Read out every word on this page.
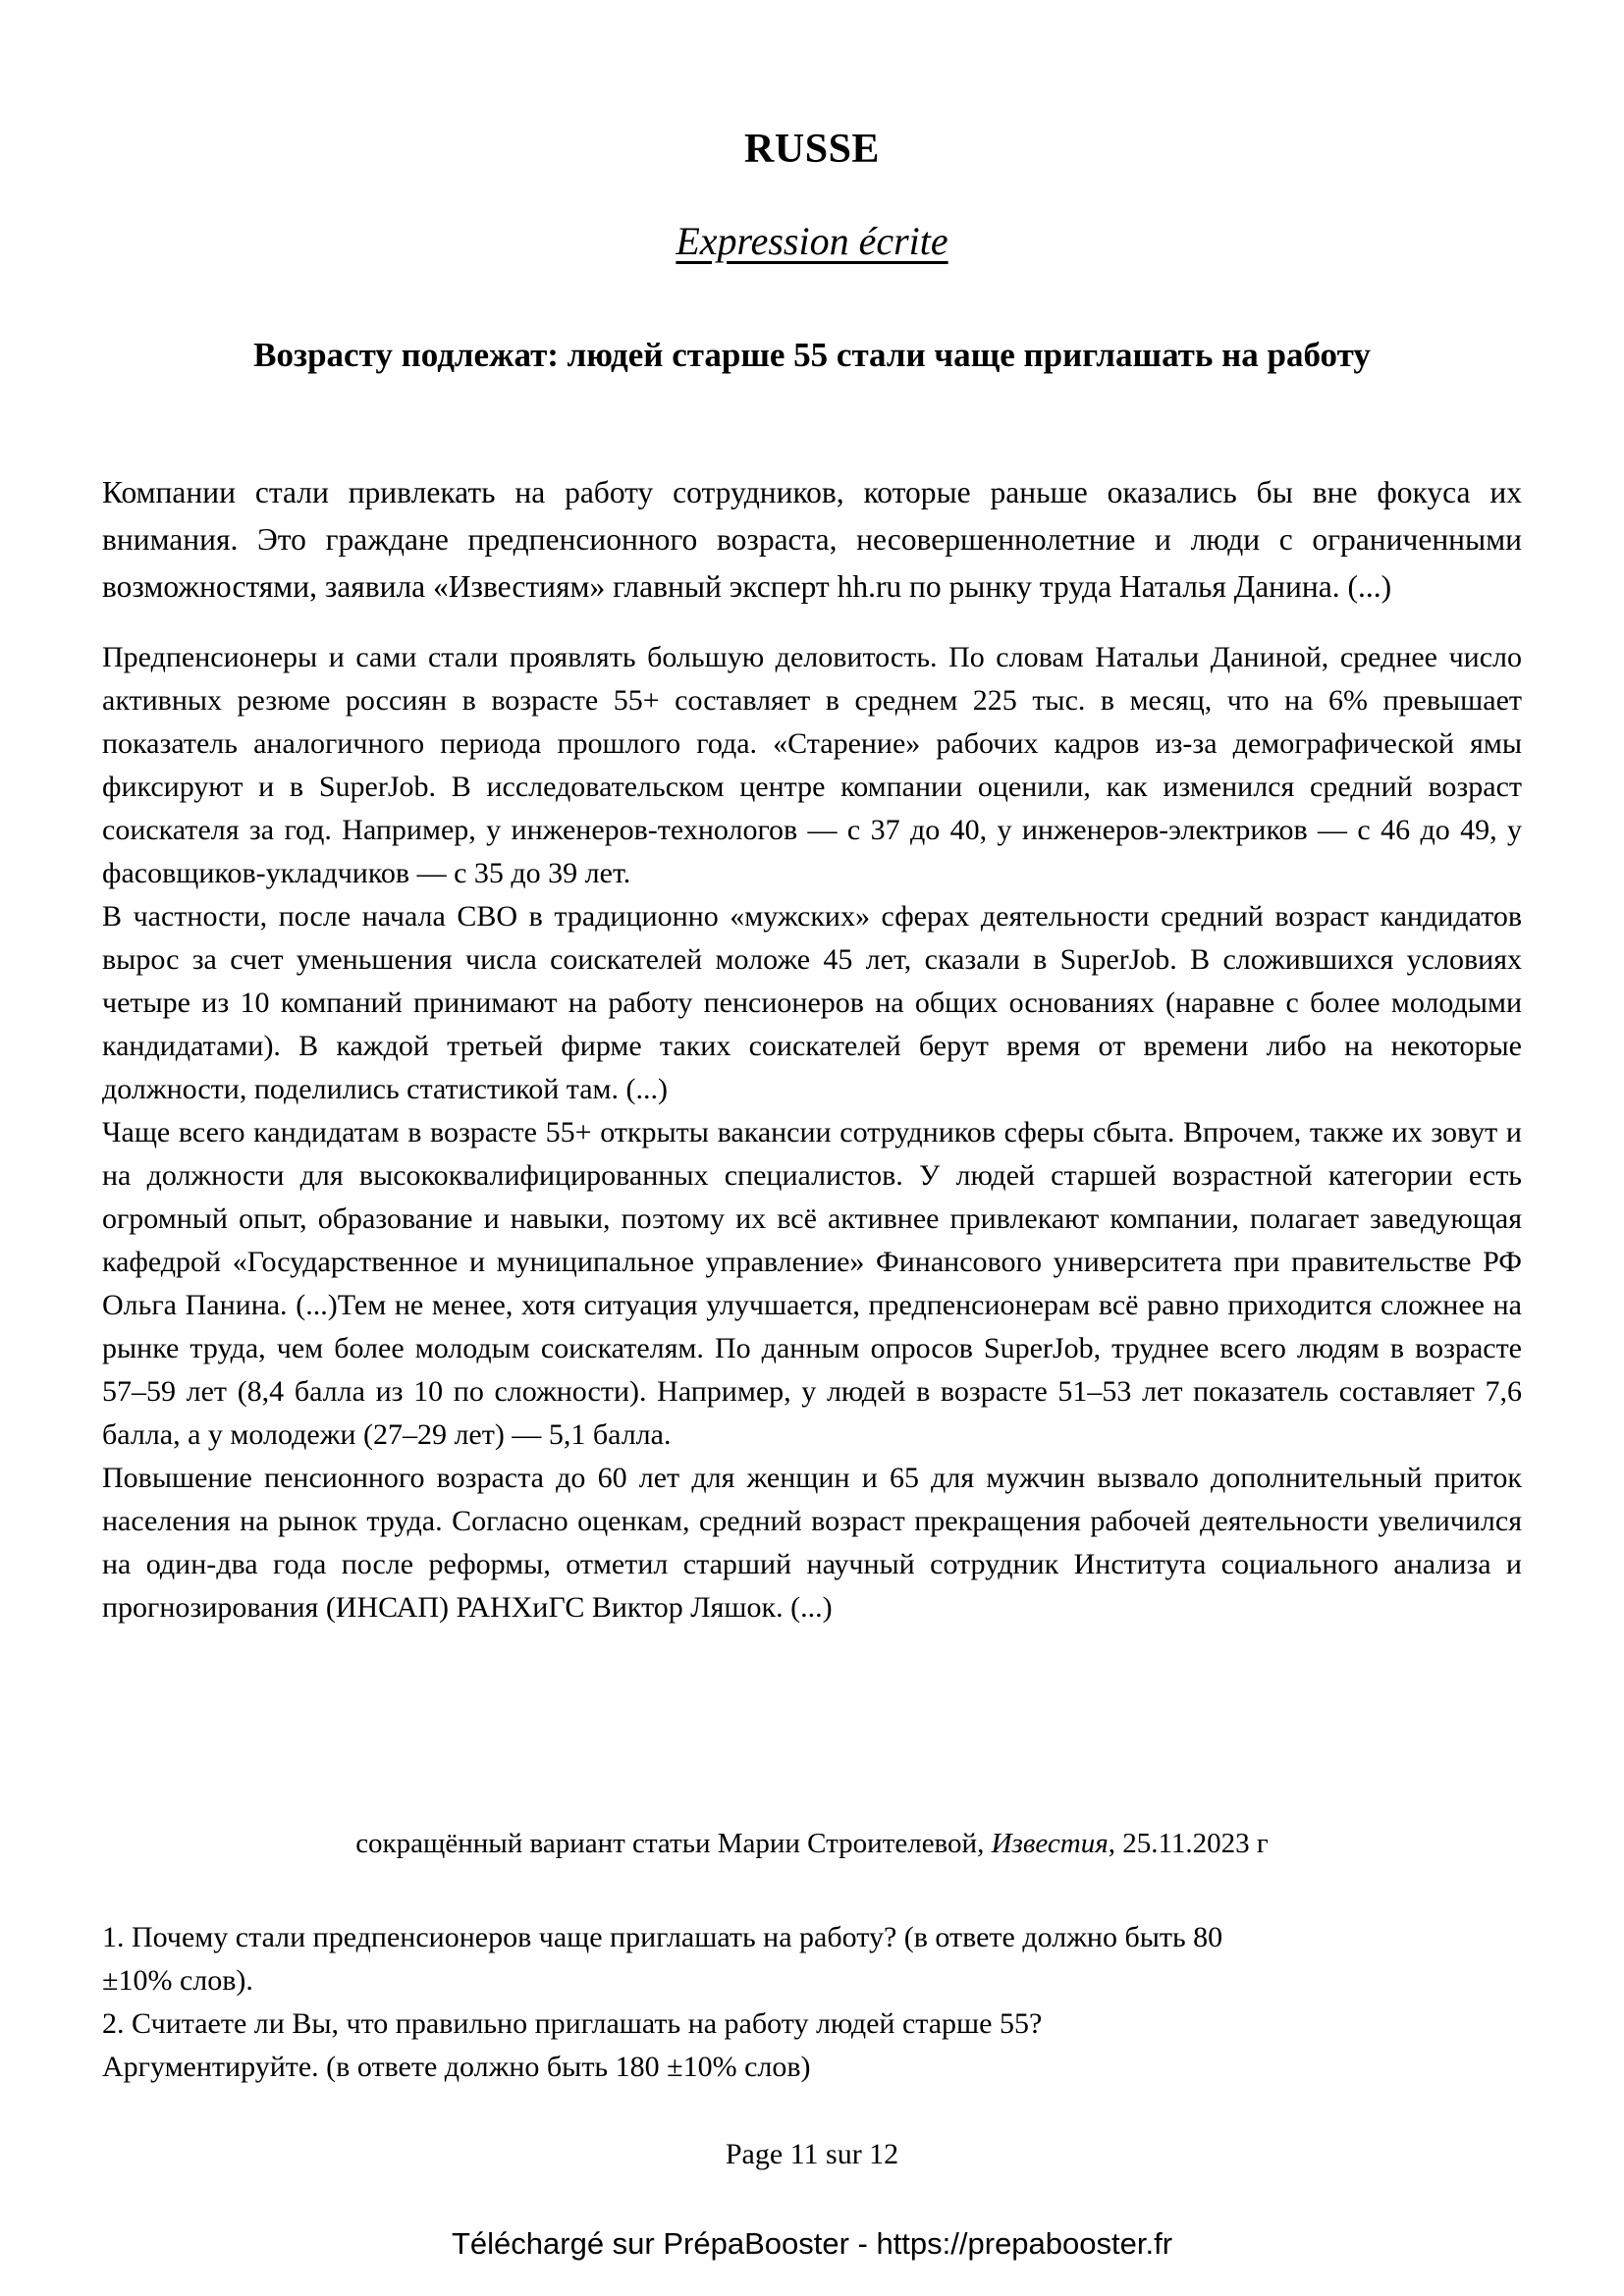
RUSSE
Expression écrite
Возрасту подлежат: людей старше 55 стали чаще приглашать на работу
Компании стали привлекать на работу сотрудников, которые раньше оказались бы вне фокуса их внимания. Это граждане предпенсионного возраста, несовершеннолетние и люди с ограниченными возможностями, заявила «Известиям» главный эксперт hh.ru по рынку труда Наталья Данина. (...)

Предпенсионеры и сами стали проявлять большую деловитость. По словам Натальи Даниной, среднее число активных резюме россиян в возрасте 55+ составляет в среднем 225 тыс. в месяц, что на 6% превышает показатель аналогичного периода прошлого года. «Старение» рабочих кадров из-за демографической ямы фиксируют и в SuperJob. В исследовательском центре компании оценили, как изменился средний возраст соискателя за год. Например, у инженеров-технологов — с 37 до 40, у инженеров-электриков — с 46 до 49, у фасовщиков-укладчиков — с 35 до 39 лет.

В частности, после начала СВО в традиционно «мужских» сферах деятельности средний возраст кандидатов вырос за счет уменьшения числа соискателей моложе 45 лет, сказали в SuperJob. В сложившихся условиях четыре из 10 компаний принимают на работу пенсионеров на общих основаниях (наравне с более молодыми кандидатами). В каждой третьей фирме таких соискателей берут время от времени либо на некоторые должности, поделились статистикой там. (...)

Чаще всего кандидатам в возрасте 55+ открыты вакансии сотрудников сферы сбыта. Впрочем, также их зовут и на должности для высококвалифицированных специалистов. У людей старшей возрастной категории есть огромный опыт, образование и навыки, поэтому их всё активнее привлекают компании, полагает заведующая кафедрой «Государственное и муниципальное управление» Финансового университета при правительстве РФ Ольга Панина. (...)Тем не менее, хотя ситуация улучшается, предпенсионерам всё равно приходится сложнее на рынке труда, чем более молодым соискателям. По данным опросов SuperJob, труднее всего людям в возрасте 57–59 лет (8,4 балла из 10 по сложности). Например, у людей в возрасте 51–53 лет показатель составляет 7,6 балла, а у молодежи (27–29 лет) — 5,1 балла.

Повышение пенсионного возраста до 60 лет для женщин и 65 для мужчин вызвало дополнительный приток населения на рынок труда. Согласно оценкам, средний возраст прекращения рабочей деятельности увеличился на один-два года после реформы, отметил старший научный сотрудник Института социального анализа и прогнозирования (ИНСАП) РАНХиГС Виктор Ляшок. (...)

сокращённый вариант статьи Марии Строителевой, Известия, 25.11.2023 г

1. Почему стали предпенсионеров чаще приглашать на работу? (в ответе должно быть 80
±10% слов).

2. Считаете ли Вы, что правильно приглашать на работу людей старше 55?
Аргументируйте. (в ответе должно быть 180 ±10% слов)

Page 11 sur 12
Téléchargé sur PrépaBooster - https://prepabooster.fr
